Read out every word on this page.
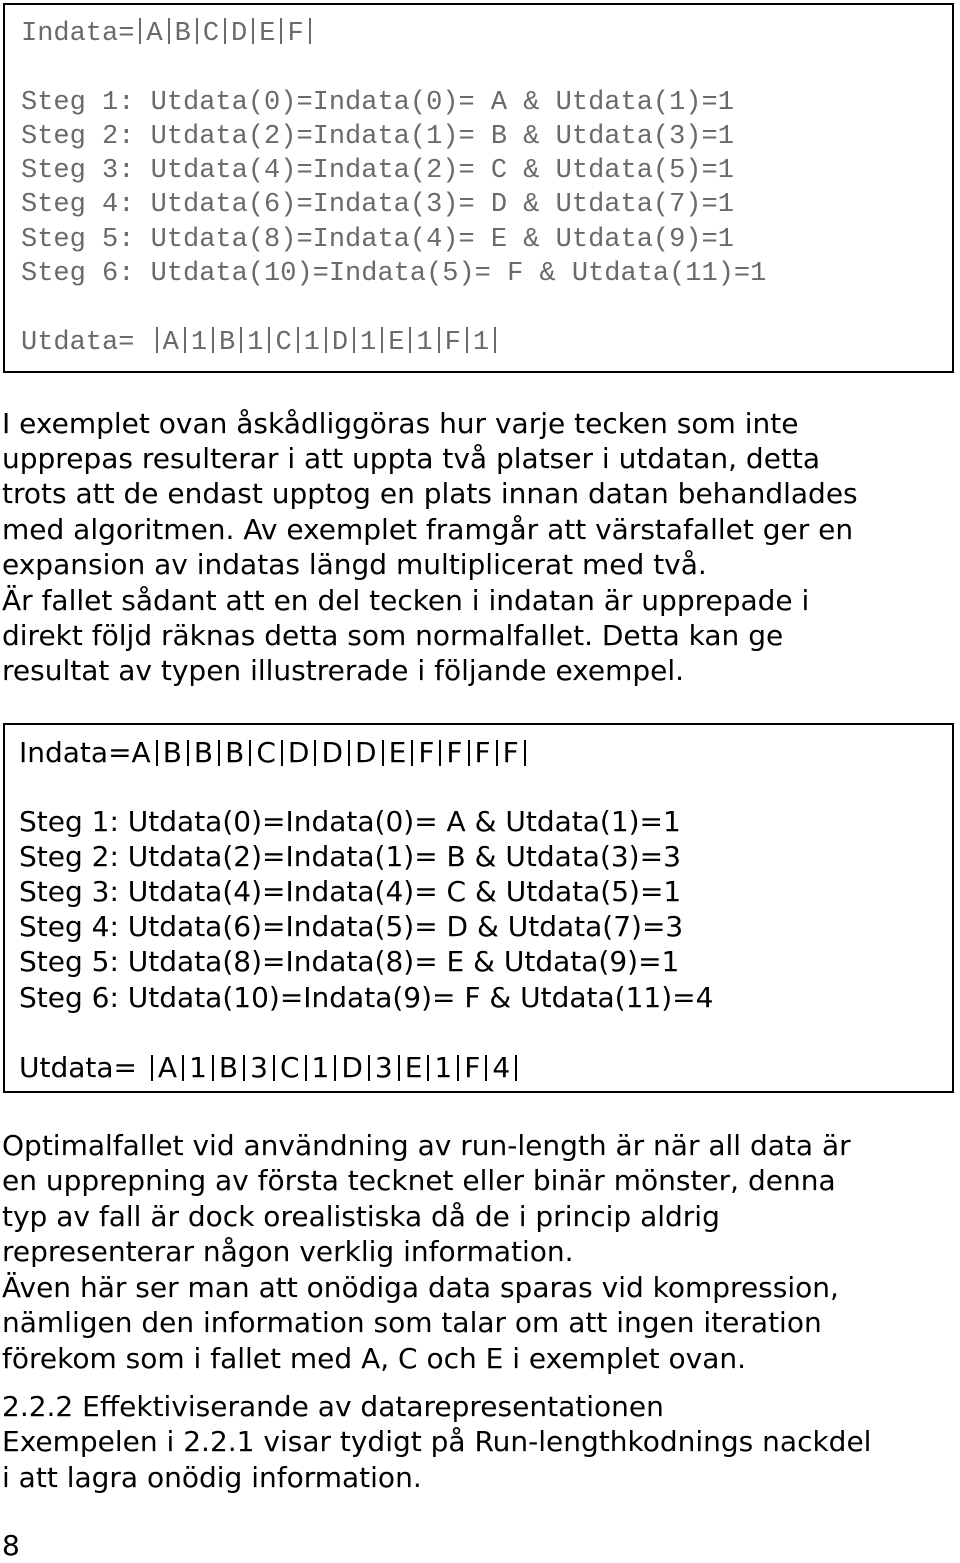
Indata= A B C D E F
Steg 1: Utdata(0)=Indata(0)= A & Utdata(1)=1
Steg 2: Utdata(2)=Indata(1)= B & Utdata(3)=1
Steg 3: Utdata(4)=Indata(2)= C & Utdata(5)=1
Steg 4: Utdata(6)=Indata(3)= D & Utdata(7)=1
Steg 5: Utdata(8)=Indata(4)= E & Utdata(9)=1
Steg 6: Utdata(10)=Indata(5)= F & Utdata(11)=1
Utdata= A 1 B 1 C 1 D 1 E 1 F 1
I exemplet ovan åskådliggöras hur varje tecken som inte
upprepas resulterar i att uppta två platser i utdatan, detta
trots att de endast upptog en plats innan datan behandlades
med algoritmen. Av exemplet framgår att värstafallet ger en
expansion av indatas längd multiplicerat med två.
Är fallet sådant att en del tecken i indatan är upprepade i
direkt följd räknas detta som normalfallet. Detta kan ge
resultat av typen illustrerade i följande exempel.
Indata=A B B B C D D D E F F F F
Steg 1: Utdata(0)=Indata(0)= A & Utdata(1)=1
Steg 2: Utdata(2)=Indata(1)= B & Utdata(3)=3
Steg 3: Utdata(4)=Indata(4)= C & Utdata(5)=1
Steg 4: Utdata(6)=Indata(5)= D & Utdata(7)=3
Steg 5: Utdata(8)=Indata(8)= E & Utdata(9)=1
Steg 6: Utdata(10)=Indata(9)= F & Utdata(11)=4
Utdata= A 1 B 3 C 1 D 3 E 1 F 4
Optimalfallet vid användning av run-length är när all data är
en upprepning av första tecknet eller binär mönster, denna
typ av fall är dock orealistiska då de i princip aldrig
representerar någon verklig information.
Även här ser man att onödiga data sparas vid kompression,
nämligen den information som talar om att ingen iteration
förekom som i fallet med A, C och E i exemplet ovan.
2.2.2 Effektiviserande av datarepresentationen
Exempelen i 2.2.1 visar tydigt på Run-lengthkodnings nackdel
i att lagra onödig information.
8
